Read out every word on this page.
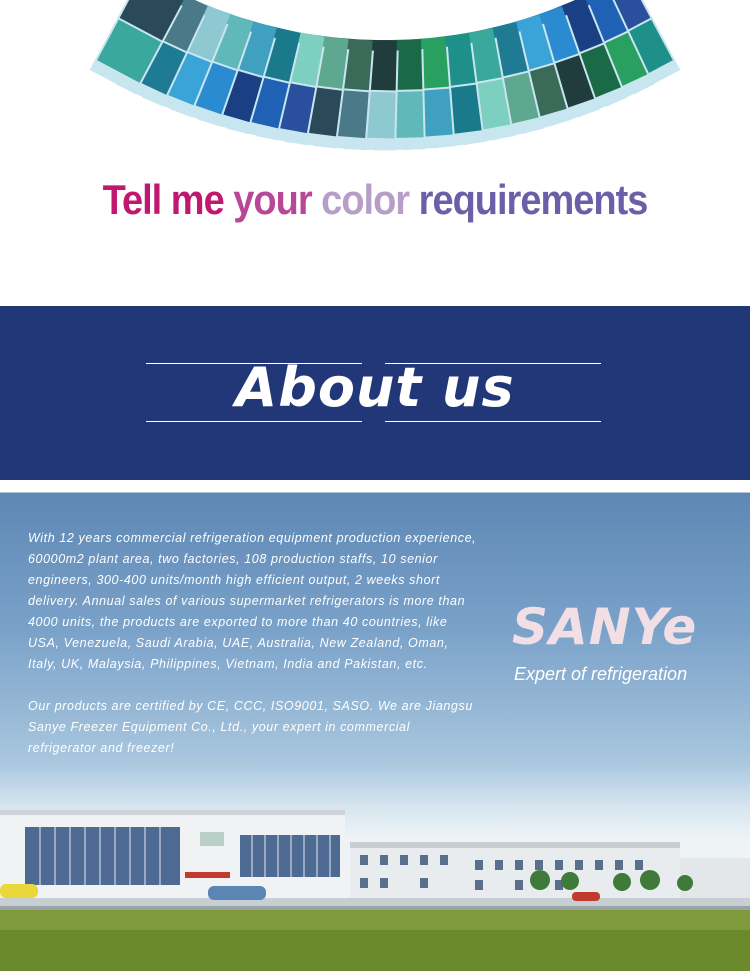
Tell me your color requirements
About us

With 12 years commercial refrigeration equipment production experience, 60000m2 plant area, two factories, 108 production staffs, 10 senior engineers, 300-400 units/month high efficient output, 2 weeks short delivery. Annual sales of various supermarket refrigerators is more than 4000 units, the products are exported to more than 40 countries, like USA, Venezuela, Saudi Arabia, UAE, Australia, New Zealand, Oman, Italy, UK, Malaysia, Philippines, Vietnam, India and Pakistan, etc.

Our products are certified by CE, CCC, ISO9001, SASO. We are Jiangsu Sanye Freezer Equipment Co., Ltd., your expert in commercial refrigerator and freezer!

SANYe
Expert of refrigeration
